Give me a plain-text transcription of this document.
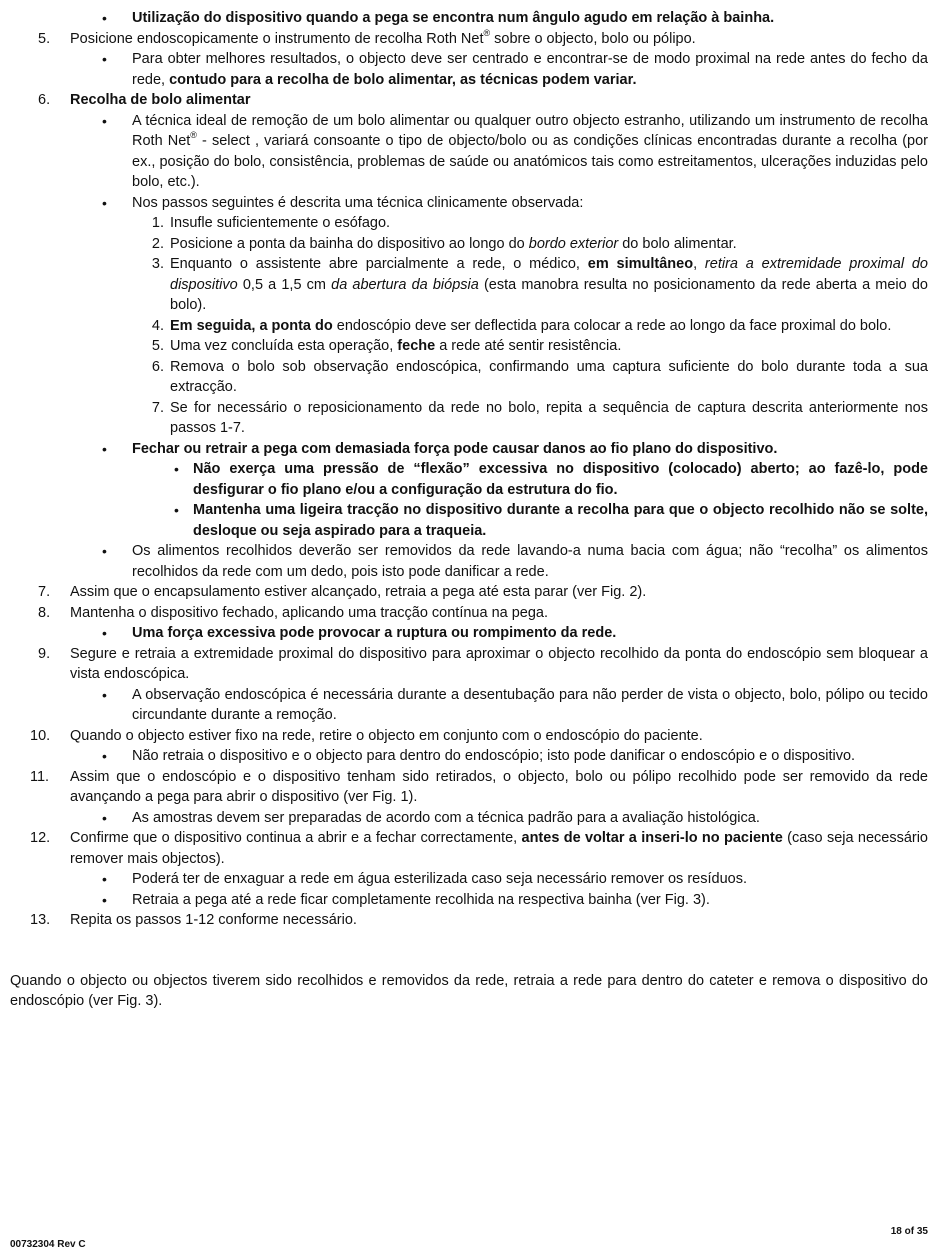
• Utilização do dispositivo quando a pega se encontra num ângulo agudo em relação à bainha.
5. Posicione endoscopicamente o instrumento de recolha Roth Net® sobre o objecto, bolo ou pólipo.
• Para obter melhores resultados, o objecto deve ser centrado e encontrar-se de modo proximal na rede antes do fecho da rede, contudo para a recolha de bolo alimentar, as técnicas podem variar.
6. Recolha de bolo alimentar
• A técnica ideal de remoção de um bolo alimentar ou qualquer outro objecto estranho, utilizando um instrumento de recolha Roth Net® - select , variará consoante o tipo de objecto/bolo ou as condições clínicas encontradas durante a recolha (por ex., posição do bolo, consistência, problemas de saúde ou anatómicos tais como estreitamentos, ulcerações induzidas pelo bolo, etc.).
• Nos passos seguintes é descrita uma técnica clinicamente observada:
1. Insufle suficientemente o esófago.
2. Posicione a ponta da bainha do dispositivo ao longo do bordo exterior do bolo alimentar.
3. Enquanto o assistente abre parcialmente a rede, o médico, em simultâneo, retira a extremidade proximal do dispositivo 0,5 a 1,5 cm da abertura da biópsia (esta manobra resulta no posicionamento da rede aberta a meio do bolo).
4. Em seguida, a ponta do endoscópio deve ser deflectida para colocar a rede ao longo da face proximal do bolo.
5. Uma vez concluída esta operação, feche a rede até sentir resistência.
6. Remova o bolo sob observação endoscópica, confirmando uma captura suficiente do bolo durante toda a sua extracção.
7. Se for necessário o reposicionamento da rede no bolo, repita a sequência de captura descrita anteriormente nos passos 1-7.
• Fechar ou retrair a pega com demasiada força pode causar danos ao fio plano do dispositivo.
• Não exerça uma pressão de “flexão” excessiva no dispositivo (colocado) aberto; ao fazê-lo, pode desfigurar o fio plano e/ou a configuração da estrutura do fio.
• Mantenha uma ligeira tracção no dispositivo durante a recolha para que o objecto recolhido não se solte, desloque ou seja aspirado para a traqueia.
• Os alimentos recolhidos deverão ser removidos da rede lavando-a numa bacia com água; não “recolha” os alimentos recolhidos da rede com um dedo, pois isto pode danificar a rede.
7. Assim que o encapsulamento estiver alcançado, retraia a pega até esta parar (ver Fig. 2).
8. Mantenha o dispositivo fechado, aplicando uma tracção contínua na pega.
• Uma força excessiva pode provocar a ruptura ou rompimento da rede.
9. Segure e retraia a extremidade proximal do dispositivo para aproximar o objecto recolhido da ponta do endoscópio sem bloquear a vista endoscópica.
• A observação endoscópica é necessária durante a desentubação para não perder de vista o objecto, bolo, pólipo ou tecido circundante durante a remoção.
10. Quando o objecto estiver fixo na rede, retire o objecto em conjunto com o endoscópio do paciente.
• Não retraia o dispositivo e o objecto para dentro do endoscópio; isto pode danificar o endoscópio e o dispositivo.
11. Assim que o endoscópio e o dispositivo tenham sido retirados, o objecto, bolo ou pólipo recolhido pode ser removido da rede avançando a pega para abrir o dispositivo (ver Fig. 1).
• As amostras devem ser preparadas de acordo com a técnica padrão para a avaliação histológica.
12. Confirme que o dispositivo continua a abrir e a fechar correctamente, antes de voltar a inseri-lo no paciente (caso seja necessário remover mais objectos).
• Poderá ter de enxaguar a rede em água esterilizada caso seja necessário remover os resíduos.
• Retraia a pega até a rede ficar completamente recolhida na respectiva bainha (ver Fig. 3).
13. Repita os passos 1-12 conforme necessário.
Quando o objecto ou objectos tiverem sido recolhidos e removidos da rede, retraia a rede para dentro do cateter e remova o dispositivo do endoscópio (ver Fig. 3).
18 of 35
00732304 Rev C
